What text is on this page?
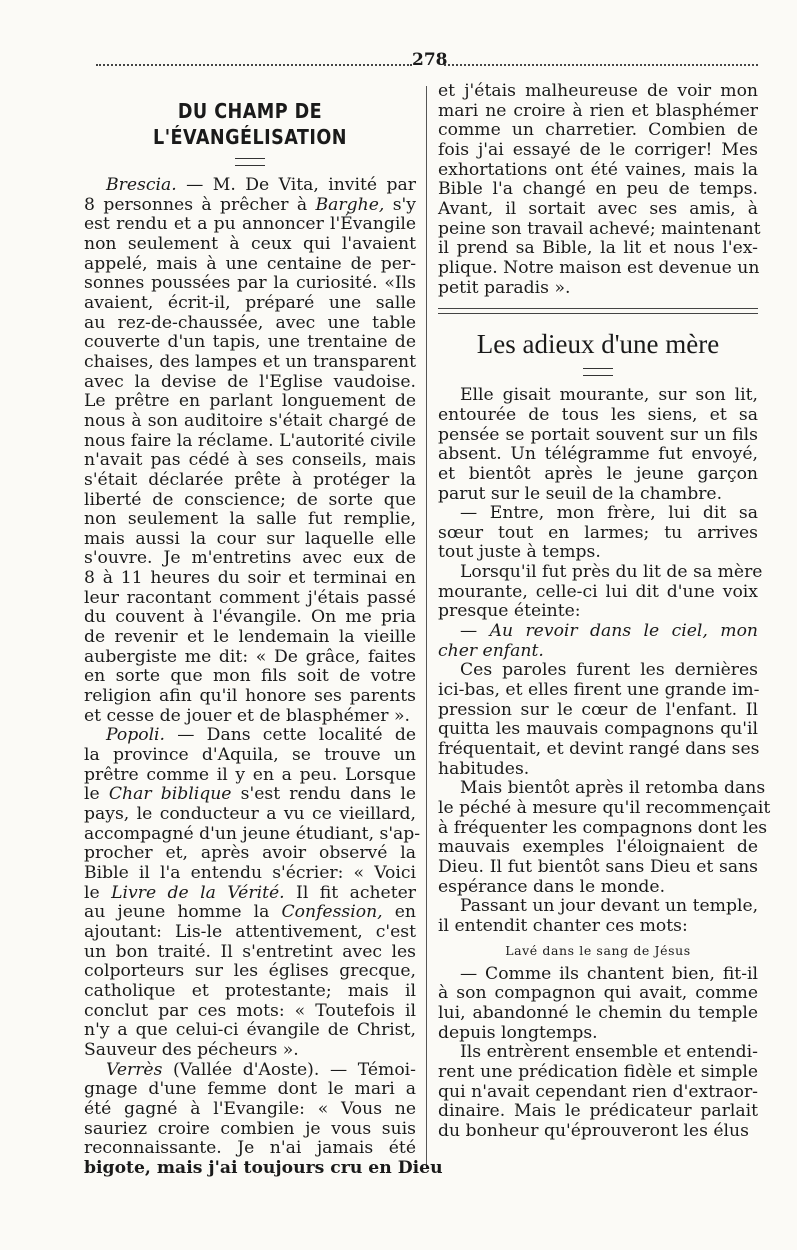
278
DU CHAMP DE L'ÉVANGÉLISATION
Brescia. — M. De Vita, invité par
8 personnes à prêcher à Barghe, s'y
est rendu et a pu annoncer l'Évangile
non seulement à ceux qui l'avaient
appelé, mais à une centaine de per-
sonnes poussées par la curiosité. «Ils
avaient, écrit-il, préparé une salle
au rez-de-chaussée, avec une table
couverte d'un tapis, une trentaine de
chaises, des lampes et un transparent
avec la devise de l'Eglise vaudoise.
Le prêtre en parlant longuement de
nous à son auditoire s'était chargé de
nous faire la réclame. L'autorité civile
n'avait pas cédé à ses conseils, mais
s'était déclarée prête à protéger la
liberté de conscience; de sorte que
non seulement la salle fut remplie,
mais aussi la cour sur laquelle elle
s'ouvre. Je m'entretins avec eux de
8 à 11 heures du soir et terminai en
leur racontant comment j'étais passé
du couvent à l'évangile. On me pria
de revenir et le lendemain la vieille
aubergiste me dit: « De grâce, faites
en sorte que mon fils soit de votre
religion afin qu'il honore ses parents
et cesse de jouer et de blasphémer ».
Popoli. — Dans cette localité de
la province d'Aquila, se trouve un
prêtre comme il y en a peu. Lorsque
le Char biblique s'est rendu dans le
pays, le conducteur a vu ce vieillard,
accompagné d'un jeune étudiant, s'ap-
procher et, après avoir observé la
Bible il l'a entendu s'écrier: « Voici
le Livre de la Vérité. Il fit acheter
au jeune homme la Confession, en
ajoutant: Lis-le attentivement, c'est
un bon traité. Il s'entretint avec les
colporteurs sur les églises grecque,
catholique et protestante; mais il
conclut par ces mots: « Toutefois il
n'y a que celui-ci évangile de Christ,
Sauveur des pécheurs ».
Verrès (Vallée d'Aoste). — Témoi-
gnage d'une femme dont le mari a
été gagné à l'Evangile: « Vous ne
sauriez croire combien je vous suis
reconnaissante. Je n'ai jamais été
bigote, mais j'ai toujours cru en Dieu
et j'étais malheureuse de voir mon
mari ne croire à rien et blasphémer
comme un charretier. Combien de
fois j'ai essayé de le corriger! Mes
exhortations ont été vaines, mais la
Bible l'a changé en peu de temps.
Avant, il sortait avec ses amis, à
peine son travail achevé; maintenant
il prend sa Bible, la lit et nous l'ex-
plique. Notre maison est devenue un
petit paradis ».
Les adieux d'une mère
Elle gisait mourante, sur son lit,
entourée de tous les siens, et sa
pensée se portait souvent sur un fils
absent. Un télégramme fut envoyé,
et bientôt après le jeune garçon
parut sur le seuil de la chambre.
— Entre, mon frère, lui dit sa
sœur tout en larmes; tu arrives
tout juste à temps.
Lorsqu'il fut près du lit de sa mère
mourante, celle-ci lui dit d'une voix
presque éteinte:
— Au revoir dans le ciel, mon
cher enfant.
Ces paroles furent les dernières
ici-bas, et elles firent une grande im-
pression sur le cœur de l'enfant. Il
quitta les mauvais compagnons qu'il
fréquentait, et devint rangé dans ses
habitudes.
Mais bientôt après il retomba dans
le péché à mesure qu'il recommençait
à fréquenter les compagnons dont les
mauvais exemples l'éloignaient de
Dieu. Il fut bientôt sans Dieu et sans
espérance dans le monde.
Passant un jour devant un temple,
il entendit chanter ces mots:
Lavé dans le sang de Jésus
— Comme ils chantent bien, fit-il
à son compagnon qui avait, comme
lui, abandonné le chemin du temple
depuis longtemps.
Ils entrèrent ensemble et entendi-
rent une prédication fidèle et simple
qui n'avait cependant rien d'extraor-
dinaire. Mais le prédicateur parlait
du bonheur qu'éprouveront les élus
